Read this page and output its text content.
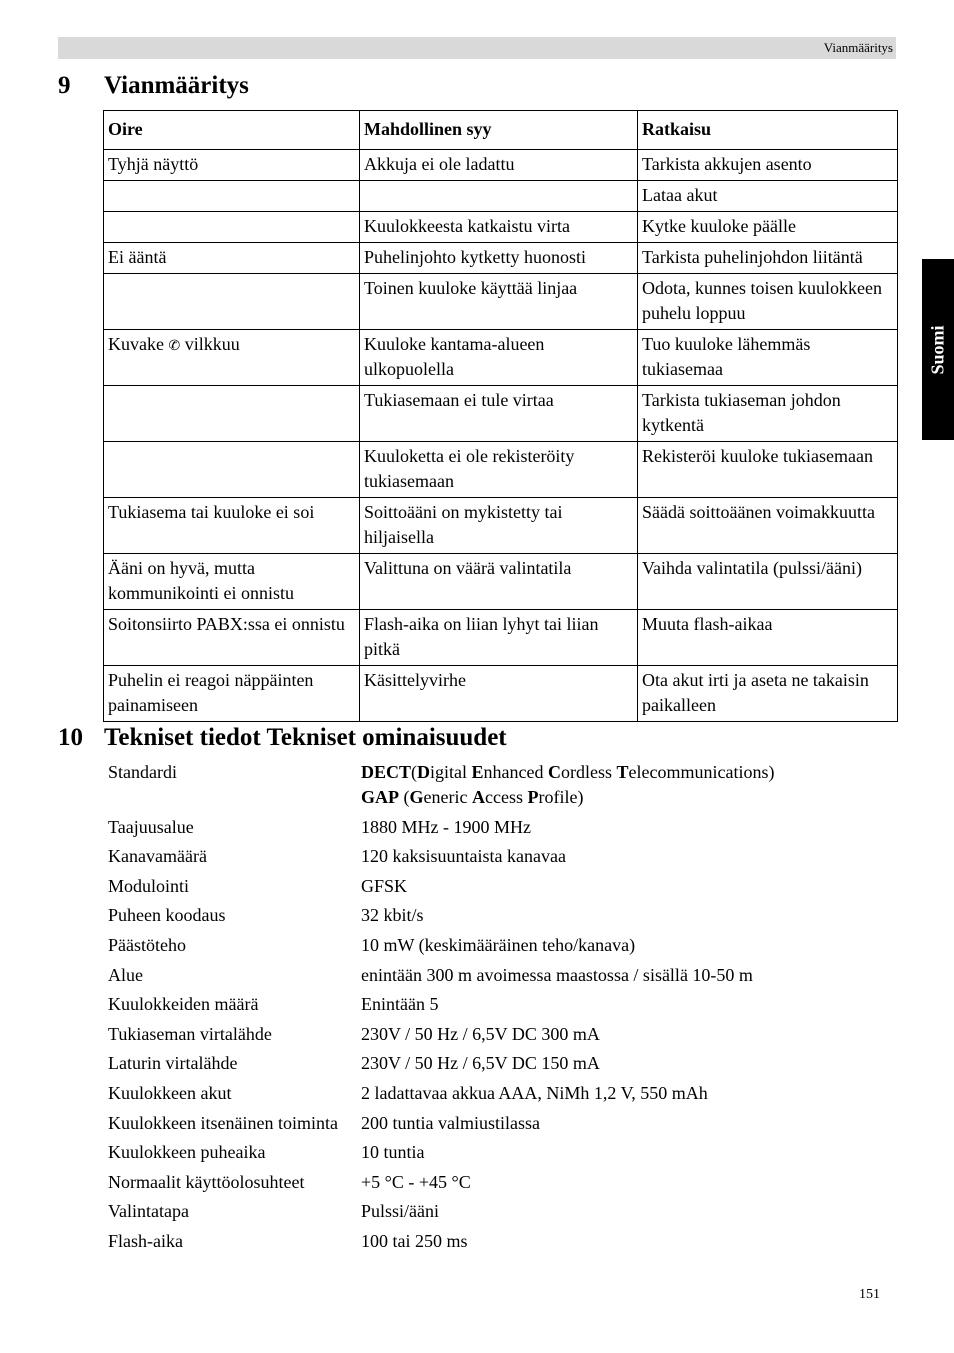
Vianmääritys
Suomi
9 Vianmääritys
Oire	Mahdollinen syy	Ratkaisu
Tyhjä näyttö	Akkuja ei ole ladattu	Tarkista akkujen asento
		Lataa akut
	Kuulokkeesta katkaistu virta	Kytke kuuloke päälle
Ei ääntä	Puhelinjohto kytketty huonosti	Tarkista puhelinjohdon liitäntä
	Toinen kuuloke käyttää linjaa	Odota, kunnes toisen kuulokkeen puhelu loppuu
Kuvake ✆ vilkkuu	Kuuloke kantama-alueen ulkopuolella	Tuo kuuloke lähemmäs tukiasemaa
	Tukiasemaan ei tule virtaa	Tarkista tukiaseman johdon kytkentä
	Kuuloketta ei ole rekisteröity tukiasemaan	Rekisteröi kuuloke tukiasemaan
Tukiasema tai kuuloke ei soi	Soittoääni on mykistetty tai hiljaisella	Säädä soittoäänen voimakkuutta
Ääni on hyvä, mutta kommunikointi ei onnistu	Valittuna on väärä valintatila	Vaihda valintatila (pulssi/ääni)
Soitonsiirto PABX:ssa ei onnistu	Flash-aika on liian lyhyt tai liian pitkä	Muuta flash-aikaa
Puhelin ei reagoi näppäinten painamiseen	Käsittelyvirhe	Ota akut irti ja aseta ne takaisin paikalleen
10 Tekniset tiedot Tekniset ominaisuudet
Standardi	DECT(Digital Enhanced Cordless Telecommunications)
GAP (Generic Access Profile)
Taajuusalue	1880 MHz - 1900 MHz
Kanavamäärä	120 kaksisuuntaista kanavaa
Modulointi	GFSK
Puheen koodaus	32 kbit/s
Päästöteho	10 mW (keskimääräinen teho/kanava)
Alue	enintään 300 m avoimessa maastossa / sisällä 10-50 m
Kuulokkeiden määrä	Enintään 5
Tukiaseman virtalähde	230V / 50 Hz / 6,5V DC 300 mA
Laturin virtalähde	230V / 50 Hz / 6,5V DC 150 mA
Kuulokkeen akut	2 ladattavaa akkua AAA, NiMh 1,2 V, 550 mAh
Kuulokkeen itsenäinen toiminta	200 tuntia valmiustilassa
Kuulokkeen puheaika	10 tuntia
Normaalit käyttöolosuhteet	+5 °C - +45 °C
Valintatapa	Pulssi/ääni
Flash-aika	100 tai 250 ms
151
